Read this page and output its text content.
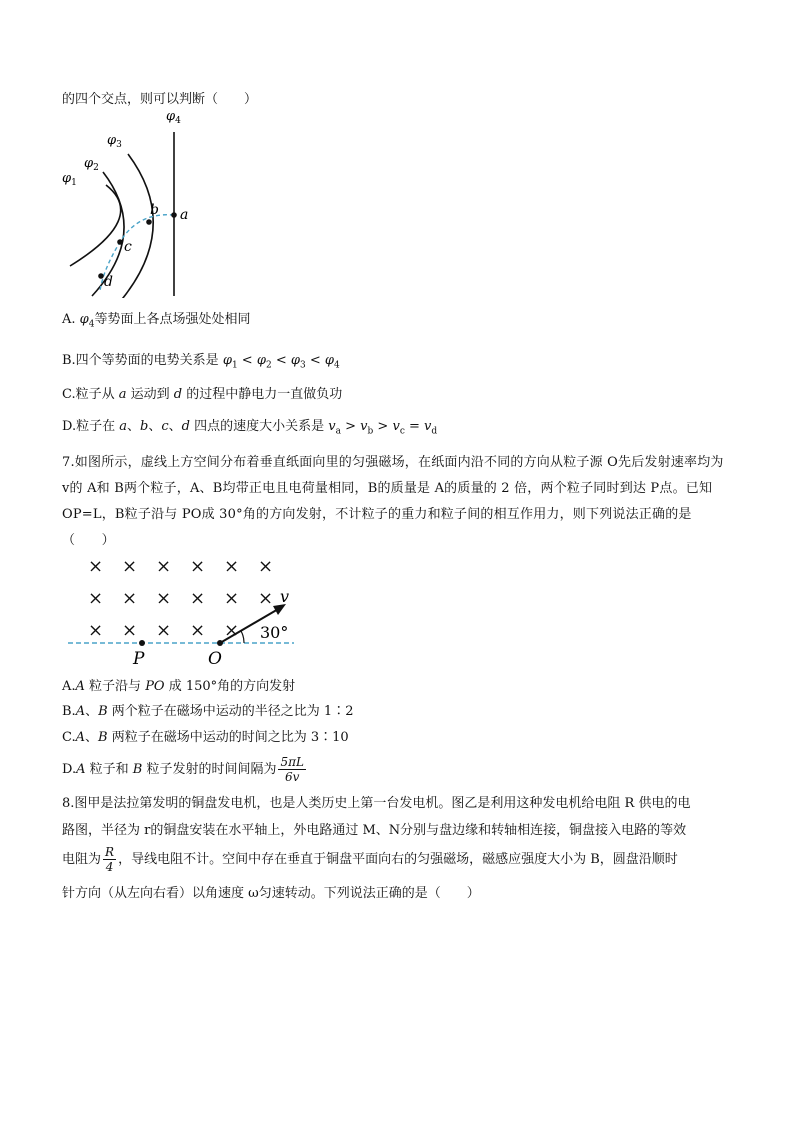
的四个交点，则可以判断（　　）
$\varphi_1$
$\varphi_2$
$\varphi_3$
$\varphi_4$
a
b
c
d
A. $\varphi_4$等势面上各点场强处处相同
B.四个等势面的电势关系是 $\varphi_1 < \varphi_2 < \varphi_3 < \varphi_4$
C.粒子从 a 运动到 d 的过程中静电力一直做负功
D.粒子在 a、b、c、d 四点的速度大小关系是 $v_a > v_b > v_c = v_d$
7.如图所示，虚线上方空间分布着垂直纸面向里的匀强磁场，在纸面内沿不同的方向从粒子源 O先后发射速率均为 v的 A和 B两个粒子，A、B均带正电且电荷量相同，B的质量是 A的质量的 2 倍，两个粒子同时到达 P点。已知 OP=L，B粒子沿与 PO成 30°角的方向发射，不计粒子的重力和粒子间的相互作用力，则下列说法正确的是（　　）
× × × × × ×
× × × × × ×
× × × × ×
v
30°
P	O
A.A 粒子沿与 PO 成 150°角的方向发射
B.A、B 两个粒子在磁场中运动的半径之比为 1∶2
C.A、B 两粒子在磁场中运动的时间之比为 3∶10
D.A 粒子和 B 粒子发射的时间间隔为 $\frac{5\pi L}{6v}$
8.图甲是法拉第发明的铜盘发电机，也是人类历史上第一台发电机。图乙是利用这种发电机给电阻 R 供电的电
路图，半径为 r的铜盘安装在水平轴上，外电路通过 M、N分别与盘边缘和转轴相连接，铜盘接入电路的等效
电阻为 $\frac{R}{4}$ ，导线电阻不计。空间中存在垂直于铜盘平面向右的匀强磁场，磁感应强度大小为 B，圆盘沿顺时
针方向（从左向右看）以角速度 ω匀速转动。下列说法正确的是（　　）
